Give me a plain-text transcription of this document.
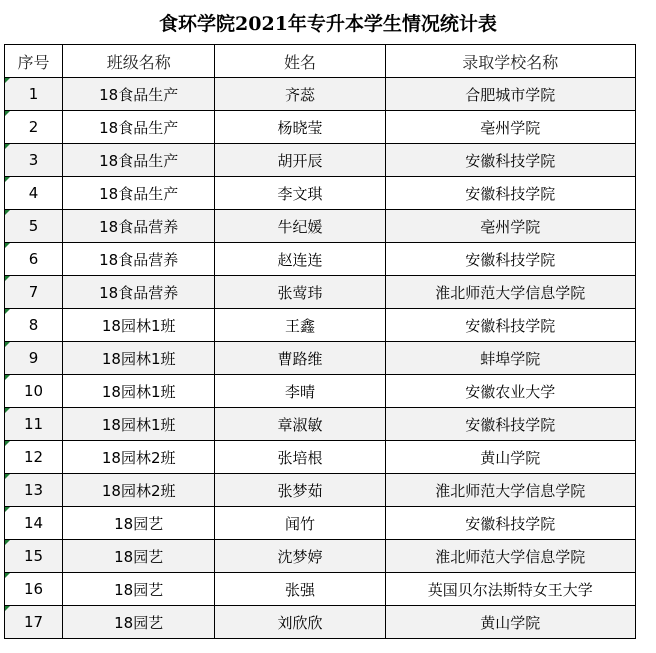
食环学院2021年专升本学生情况统计表
序号	班级名称	姓名	录取学校名称

1	18食品生产	齐蕊	合肥城市学院

2	18食品生产	杨晓莹	亳州学院

3	18食品生产	胡开辰	安徽科技学院

4	18食品生产	李文琪	安徽科技学院

5	18食品营养	牛纪媛	亳州学院

6	18食品营养	赵连连	安徽科技学院

7	18食品营养	张莺玮	淮北师范大学信息学院

8	18园林1班	王鑫	安徽科技学院

9	18园林1班	曹路维	蚌埠学院

10	18园林1班	李晴	安徽农业大学

11	18园林1班	章淑敏	安徽科技学院

12	18园林2班	张培根	黄山学院

13	18园林2班	张梦茹	淮北师范大学信息学院

14	18园艺	闻竹	安徽科技学院

15	18园艺	沈梦婷	淮北师范大学信息学院

16	18园艺	张强	英国贝尔法斯特女王大学

17	18园艺	刘欣欣	黄山学院
